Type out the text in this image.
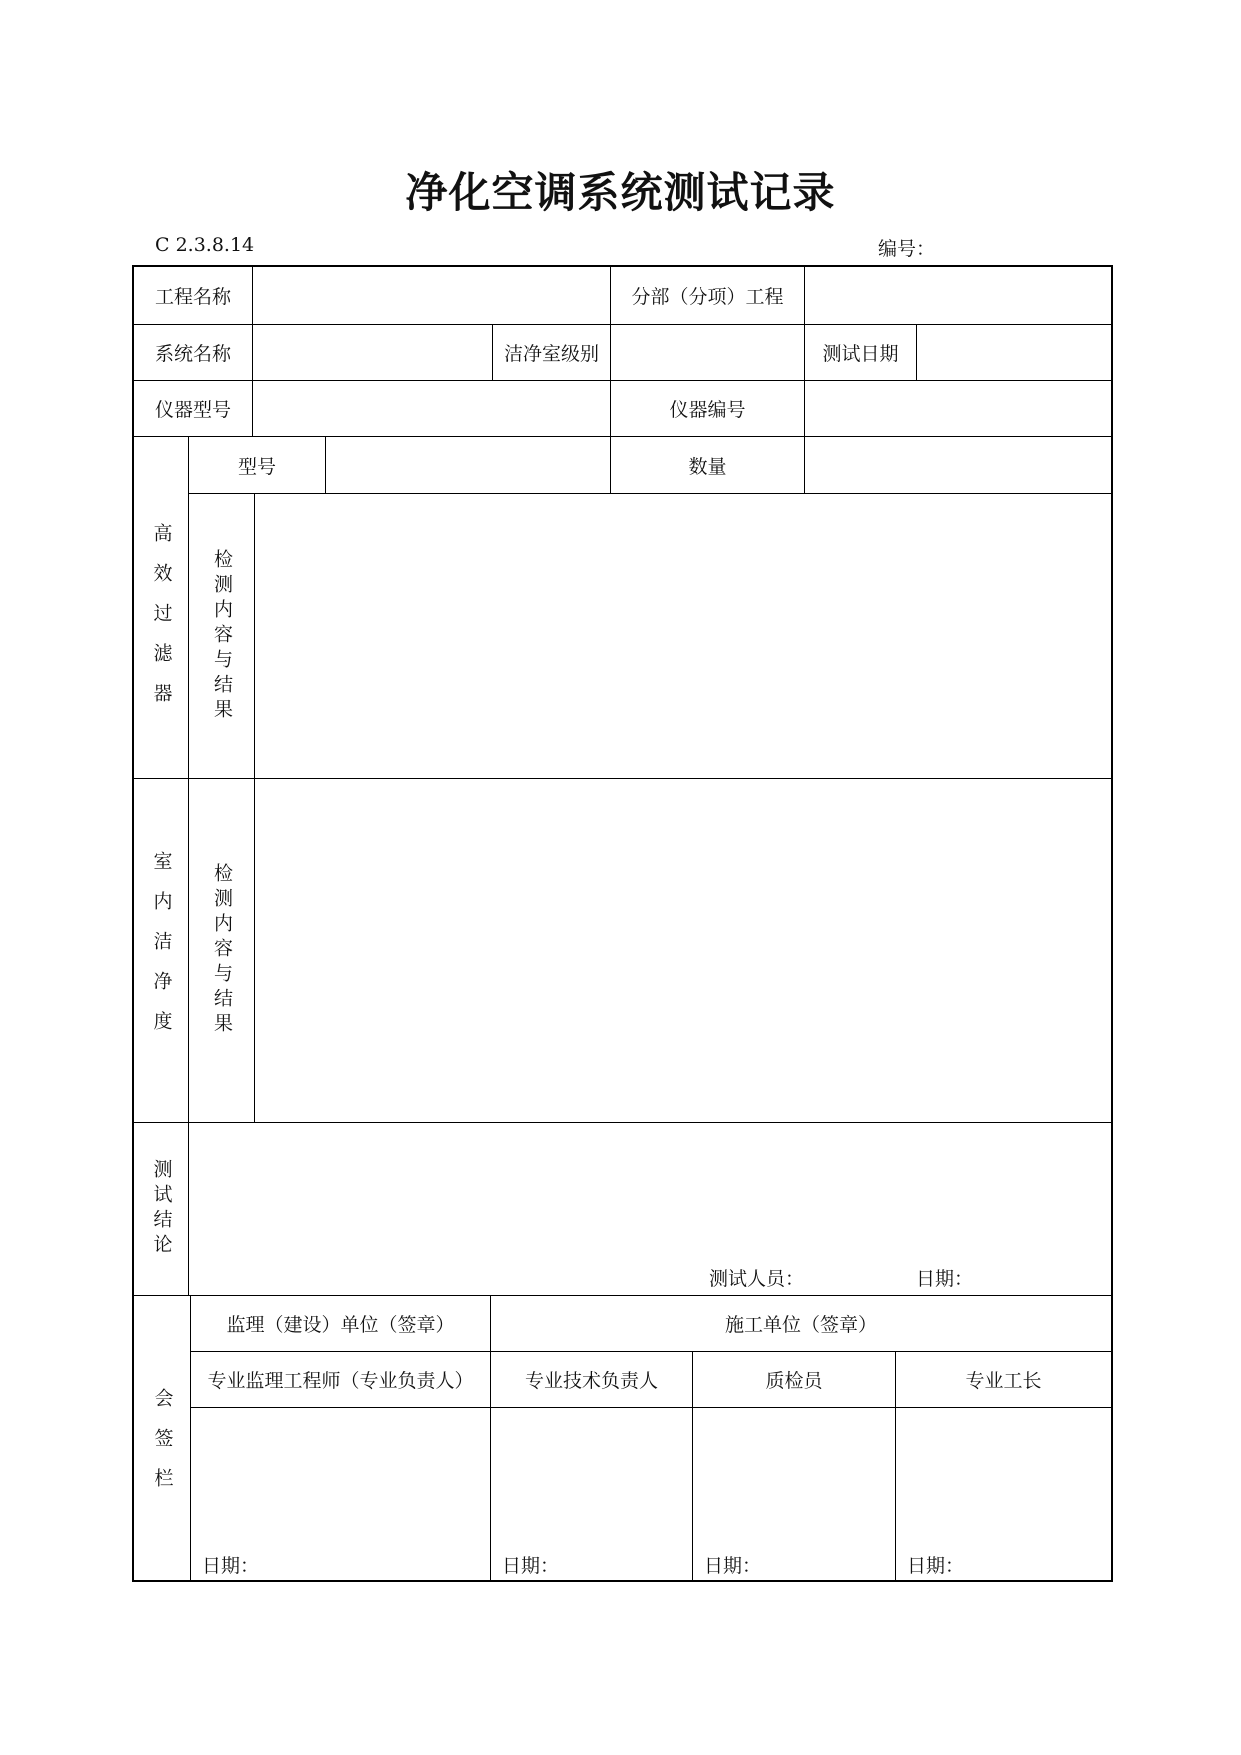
净化空调系统测试记录
C 2.3.8.14	编号：
工程名称	分部（分项）工程
系统名称	洁净室级别	测试日期
仪器型号	仪器编号
高效过滤器
型号	数量
检测内容与结果
室内洁净度 检测内容与结果
测试结论
测试人员：	日期：
会签栏
监理（建设）单位（签章）	施工单位（签章）
专业监理工程师（专业负责人）	专业技术负责人	质检员	专业工长
日期：	日期：	日期：	日期：
